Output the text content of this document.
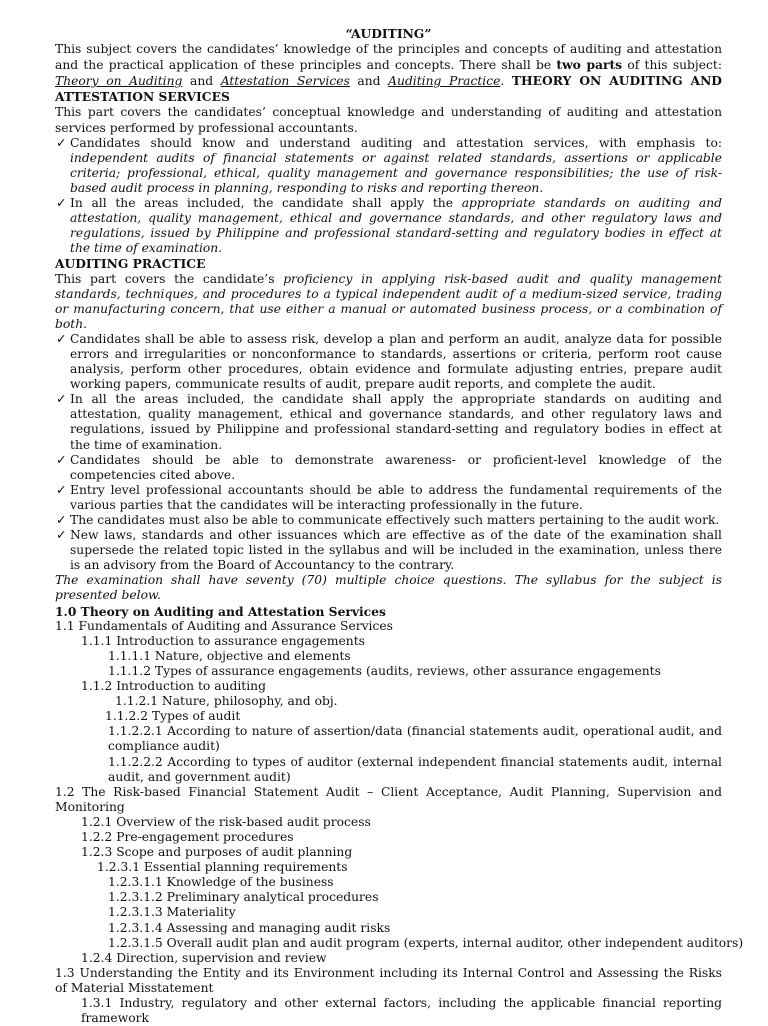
“AUDITING”

This subject covers the candidates’ knowledge of the principles and concepts of auditing and attestation and the practical application of these principles and concepts. There shall be two parts of this subject: Theory on Auditing and Attestation Services and Auditing Practice. THEORY ON AUDITING AND ATTESTATION SERVICES

This part covers the candidates’ conceptual knowledge and understanding of auditing and attestation services performed by professional accountants.

✓ Candidates should know and understand auditing and attestation services, with emphasis to: independent audits of financial statements or against related standards, assertions or applicable criteria; professional, ethical, quality management and governance responsibilities; the use of risk-based audit process in planning, responding to risks and reporting thereon.
✓ In all the areas included, the candidate shall apply the appropriate standards on auditing and attestation, quality management, ethical and governance standards, and other regulatory laws and regulations, issued by Philippine and professional standard-setting and regulatory bodies in effect at the time of examination.

AUDITING PRACTICE

This part covers the candidate’s proficiency in applying risk-based audit and quality management standards, techniques, and procedures to a typical independent audit of a medium-sized service, trading or manufacturing concern, that use either a manual or automated business process, or a combination of both.

✓ Candidates shall be able to assess risk, develop a plan and perform an audit, analyze data for possible errors and irregularities or nonconformance to standards, assertions or criteria, perform root cause analysis, perform other procedures, obtain evidence and formulate adjusting entries, prepare audit working papers, communicate results of audit, prepare audit reports, and complete the audit.
✓ In all the areas included, the candidate shall apply the appropriate standards on auditing and attestation, quality management, ethical and governance standards, and other regulatory laws and regulations, issued by Philippine and professional standard-setting and regulatory bodies in effect at the time of examination.
✓ Candidates should be able to demonstrate awareness- or proficient-level knowledge of the competencies cited above.
✓ Entry level professional accountants should be able to address the fundamental requirements of the various parties that the candidates will be interacting professionally in the future.
✓ The candidates must also be able to communicate effectively such matters pertaining to the audit work.
✓ New laws, standards and other issuances which are effective as of the date of the examination shall supersede the related topic listed in the syllabus and will be included in the examination, unless there is an advisory from the Board of Accountancy to the contrary.

The examination shall have seventy (70) multiple choice questions. The syllabus for the subject is presented below.

1.0 Theory on Auditing and Attestation Services

1.1 Fundamentals of Auditing and Assurance Services

1.1.1 Introduction to assurance engagements

1.1.1.1 Nature, objective and elements

1.1.1.2 Types of assurance engagements (audits, reviews, other assurance engagements

1.1.2 Introduction to auditing

1.1.2.1 Nature, philosophy, and obj.

1.1.2.2 Types of audit

1.1.2.2.1 According to nature of assertion/data (financial statements audit, operational audit, and compliance audit)

1.1.2.2.2 According to types of auditor (external independent financial statements audit, internal audit, and government audit)

1.2 The Risk-based Financial Statement Audit – Client Acceptance, Audit Planning, Supervision and Monitoring

1.2.1 Overview of the risk-based audit process

1.2.2 Pre-engagement procedures

1.2.3 Scope and purposes of audit planning

1.2.3.1 Essential planning requirements

1.2.3.1.1 Knowledge of the business

1.2.3.1.2 Preliminary analytical procedures

1.2.3.1.3 Materiality

1.2.3.1.4 Assessing and managing audit risks

1.2.3.1.5 Overall audit plan and audit program (experts, internal auditor, other independent auditors)

1.2.4 Direction, supervision and review

1.3 Understanding the Entity and its Environment including its Internal Control and Assessing the Risks of Material Misstatement

1.3.1 Industry, regulatory and other external factors, including the applicable financial reporting framework
